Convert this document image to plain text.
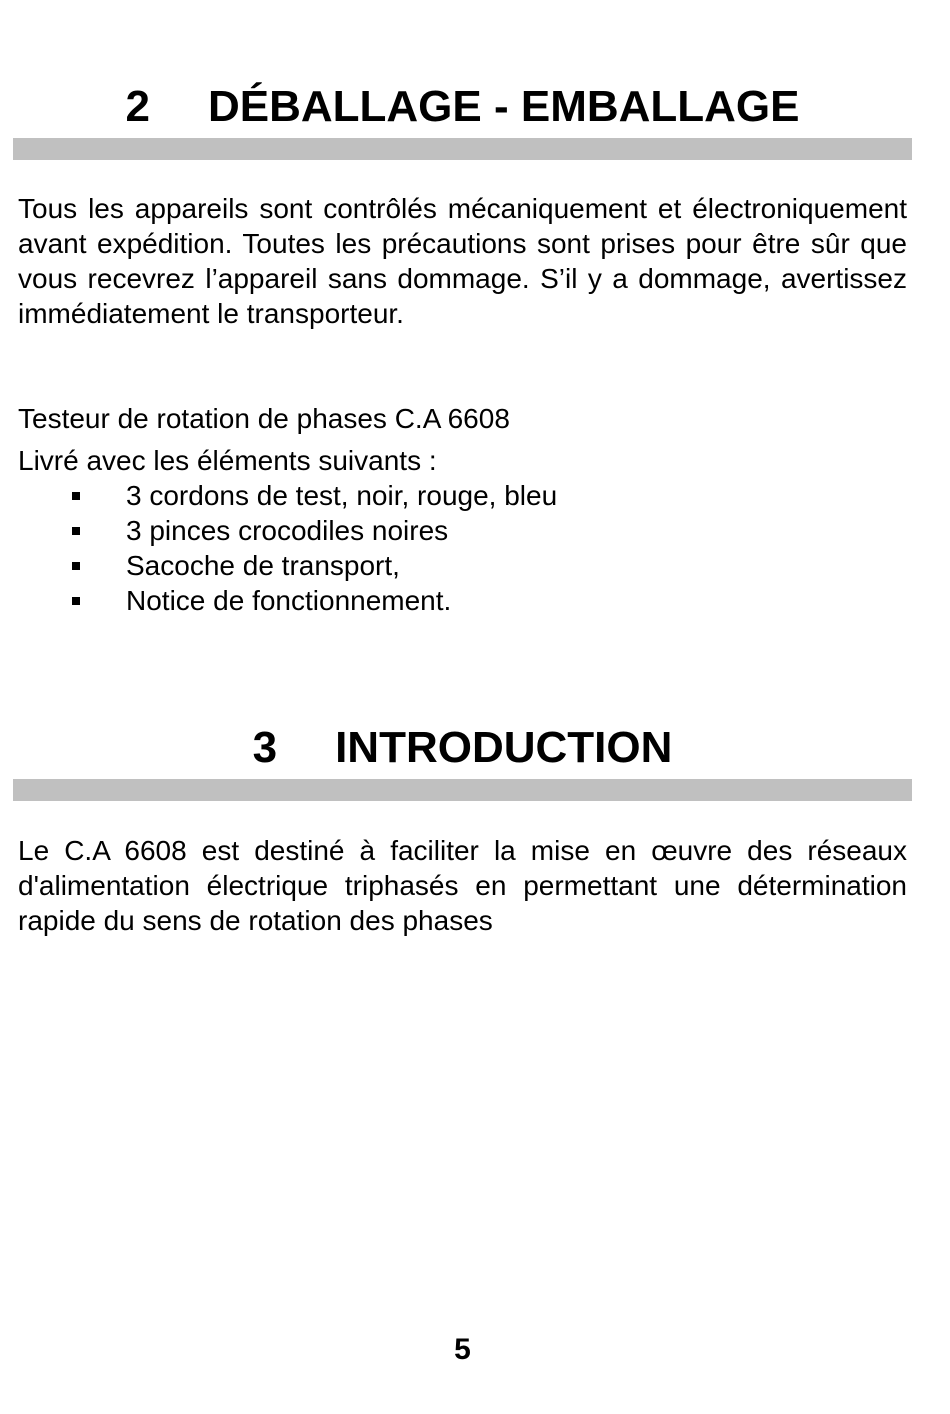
2 DÉBALLAGE - EMBALLAGE

Tous les appareils sont contrôlés mécaniquement et électroniquement avant expédition. Toutes les précautions sont prises pour être sûr que vous recevrez l’appareil sans dommage. S’il y a dommage, avertissez immédiatement le transporteur.

Testeur de rotation de phases C.A 6608

Livré avec les éléments suivants :

3 cordons de test, noir, rouge, bleu
3 pinces crocodiles noires
Sacoche de transport,
Notice de fonctionnement.
3 INTRODUCTION

Le C.A 6608 est destiné à faciliter la mise en œuvre des réseaux d'alimentation électrique triphasés en permettant une détermination rapide du sens de rotation des phases

5
